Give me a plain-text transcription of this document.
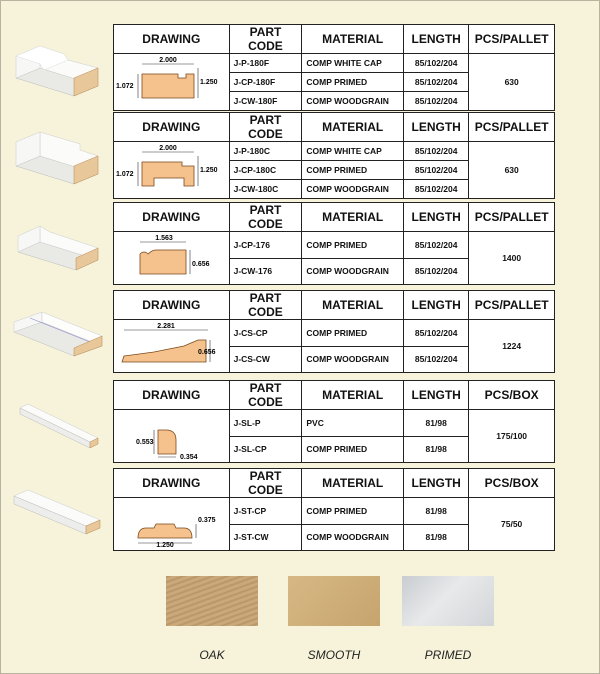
DRAWING	PART CODE	MATERIAL	LENGTH	PCS/PALLET

2.000
1.072
1.250	J-P-180F	COMP WHITE CAP	85/102/204	630
	J-CP-180F	COMP PRIMED	85/102/204	
	J-CW-180F	COMP WOODGRAIN	85/102/204	
DRAWING	PART CODE	MATERIAL	LENGTH	PCS/PALLET

2.000
1.072
1.250	J-P-180C	COMP WHITE CAP	85/102/204	630
	J-CP-180C	COMP PRIMED	85/102/204	
	J-CW-180C	COMP WOODGRAIN	85/102/204	
DRAWING	PART CODE	MATERIAL	LENGTH	PCS/PALLET

1.563
0.656	J-CP-176	COMP PRIMED	85/102/204	1400
	J-CW-176	COMP WOODGRAIN	85/102/204	
DRAWING	PART CODE	MATERIAL	LENGTH	PCS/PALLET

2.281
0.656	J-CS-CP	COMP PRIMED	85/102/204	1224
	J-CS-CW	COMP WOODGRAIN	85/102/204	
DRAWING	PART CODE	MATERIAL	LENGTH	PCS/BOX

0.553
0.354	J-SL-P	PVC	81/98	175/100
	J-SL-CP	COMP PRIMED	81/98	
DRAWING	PART CODE	MATERIAL	LENGTH	PCS/BOX

0.375
1.250	J-ST-CP	COMP PRIMED	81/98	75/50
	J-ST-CW	COMP WOODGRAIN	81/98	
OAK	SMOOTH	PRIMED
